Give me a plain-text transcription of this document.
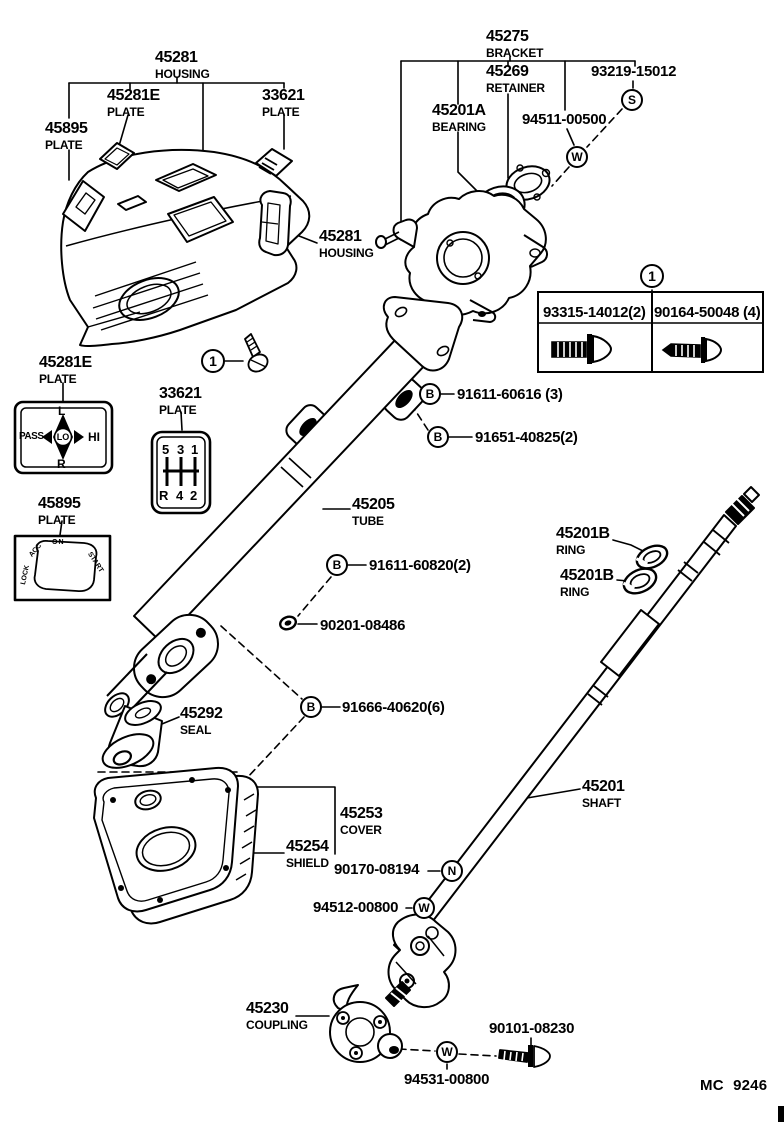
45281
HOUSING
45281E
PLATE
33621
PLATE
45895
PLATE
45281
HOUSING
45275
BRACKET
45269
RETAINER
45201A
BEARING
93219-15012
94511-00500
45281E
PLATE
33621
PLATE
45895
PLATE
45205
TUBE
91611-60616 (3)
91651-40825(2)
91611-60820(2)
90201-08486
91666-40620(6)
45292
SEAL
45253
COVER
45254
SHIELD
45201B
RING
45201B
RING
45201
SHAFT
90170-08194
94512-00800
45230
COUPLING	90101-08230
94531-00800
93315-14012(2) 90164-50048 (4)
1
1
S
W
B
B
B
B
N
W
W
L
R
PASS	HI
LO
5 3 1
R 4 2
ON
ACC
LOCK
START
MC 9246
